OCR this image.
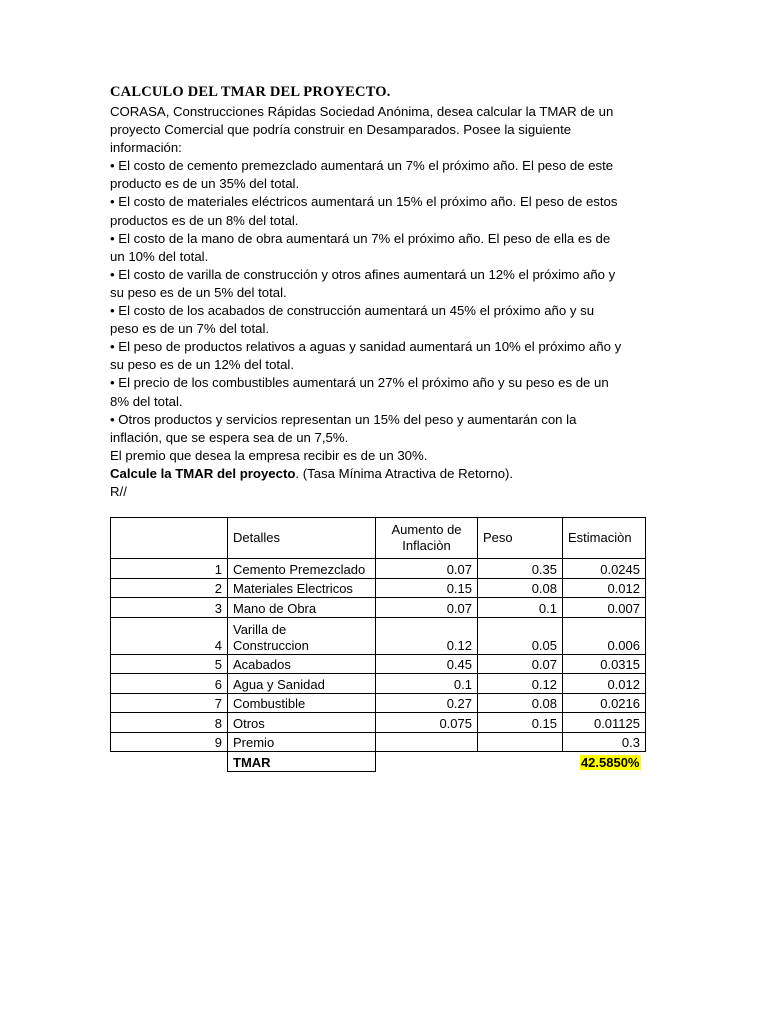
CALCULO DEL TMAR DEL PROYECTO.
CORASA, Construcciones Rápidas Sociedad Anónima, desea calcular la TMAR de un
proyecto Comercial que podría construir en Desamparados. Posee la siguiente
información:
• El costo de cemento premezclado aumentará un 7% el próximo año. El peso de este
producto es de un 35% del total.
• El costo de materiales eléctricos aumentará un 15% el próximo año. El peso de estos
productos es de un 8% del total.
• El costo de la mano de obra aumentará un 7% el próximo año. El peso de ella es de
un 10% del total.
• El costo de varilla de construcción y otros afines aumentará un 12% el próximo año y
su peso es de un 5% del total.
• El costo de los acabados de construcción aumentará un 45% el próximo año y su
peso es de un 7% del total.
• El peso de productos relativos a aguas y sanidad aumentará un 10% el próximo año y
su peso es de un 12% del total.
• El precio de los combustibles aumentará un 27% el próximo año y su peso es de un
8% del total.
• Otros productos y servicios representan un 15% del peso y aumentarán con la
inflación, que se espera sea de un 7,5%.
El premio que desea la empresa recibir es de un 30%.
Calcule la TMAR del proyecto. (Tasa Mínima Atractiva de Retorno).
R//
	Detalles	Aumento de
Inflaciòn	Peso	Estimaciòn
1	Cemento Premezclado	0.07	0.35	0.0245
2	Materiales Electricos	0.15	0.08	0.012
3	Mano de Obra	0.07	0.1	0.007
4	Varilla de
Construccion	0.12	0.05	0.006
5	Acabados	0.45	0.07	0.0315
6	Agua y Sanidad	0.1	0.12	0.012
7	Combustible	0.27	0.08	0.0216
8	Otros	0.075	0.15	0.01125
9	Premio			0.3
	TMAR			42.5850%
